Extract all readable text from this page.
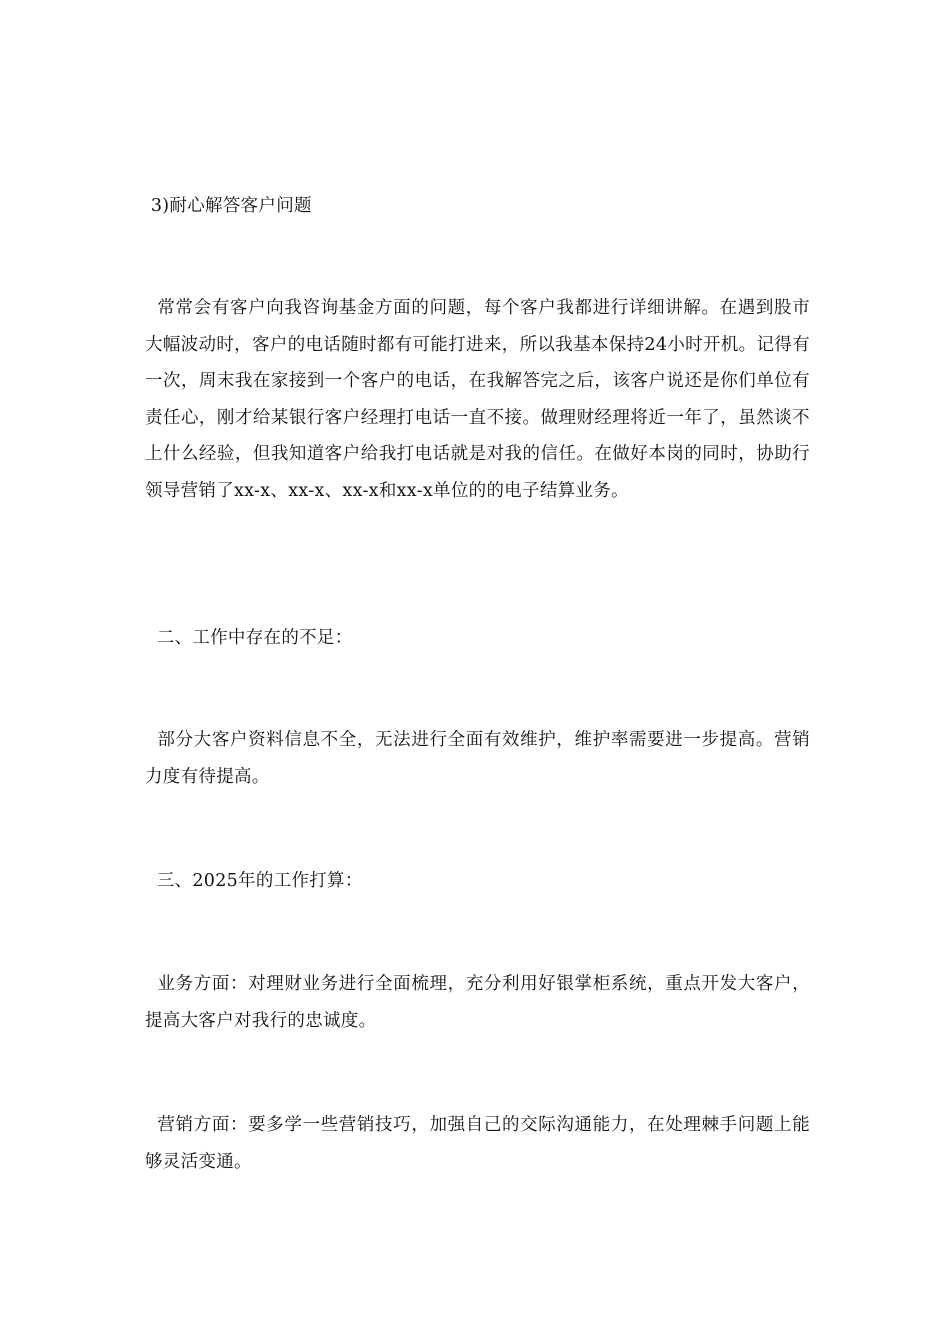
3)耐心解答客户问题

常常会有客户向我咨询基金方面的问题，每个客户我都进行详细讲解。在遇到股市大幅波动时，客户的电话随时都有可能打进来，所以我基本保持24小时开机。记得有一次，周末我在家接到一个客户的电话，在我解答完之后，该客户说还是你们单位有责任心，刚才给某银行客户经理打电话一直不接。做理财经理将近一年了，虽然谈不上什么经验，但我知道客户给我打电话就是对我的信任。在做好本岗的同时，协助行领导营销了xx-x、xx-x、xx-x和xx-x单位的的电子结算业务。

二、工作中存在的不足：

部分大客户资料信息不全，无法进行全面有效维护，维护率需要进一步提高。营销力度有待提高。

三、2025年的工作打算：

业务方面：对理财业务进行全面梳理，充分利用好银掌柜系统，重点开发大客户，提高大客户对我行的忠诚度。

营销方面：要多学一些营销技巧，加强自己的交际沟通能力，在处理棘手问题上能够灵活变通。
